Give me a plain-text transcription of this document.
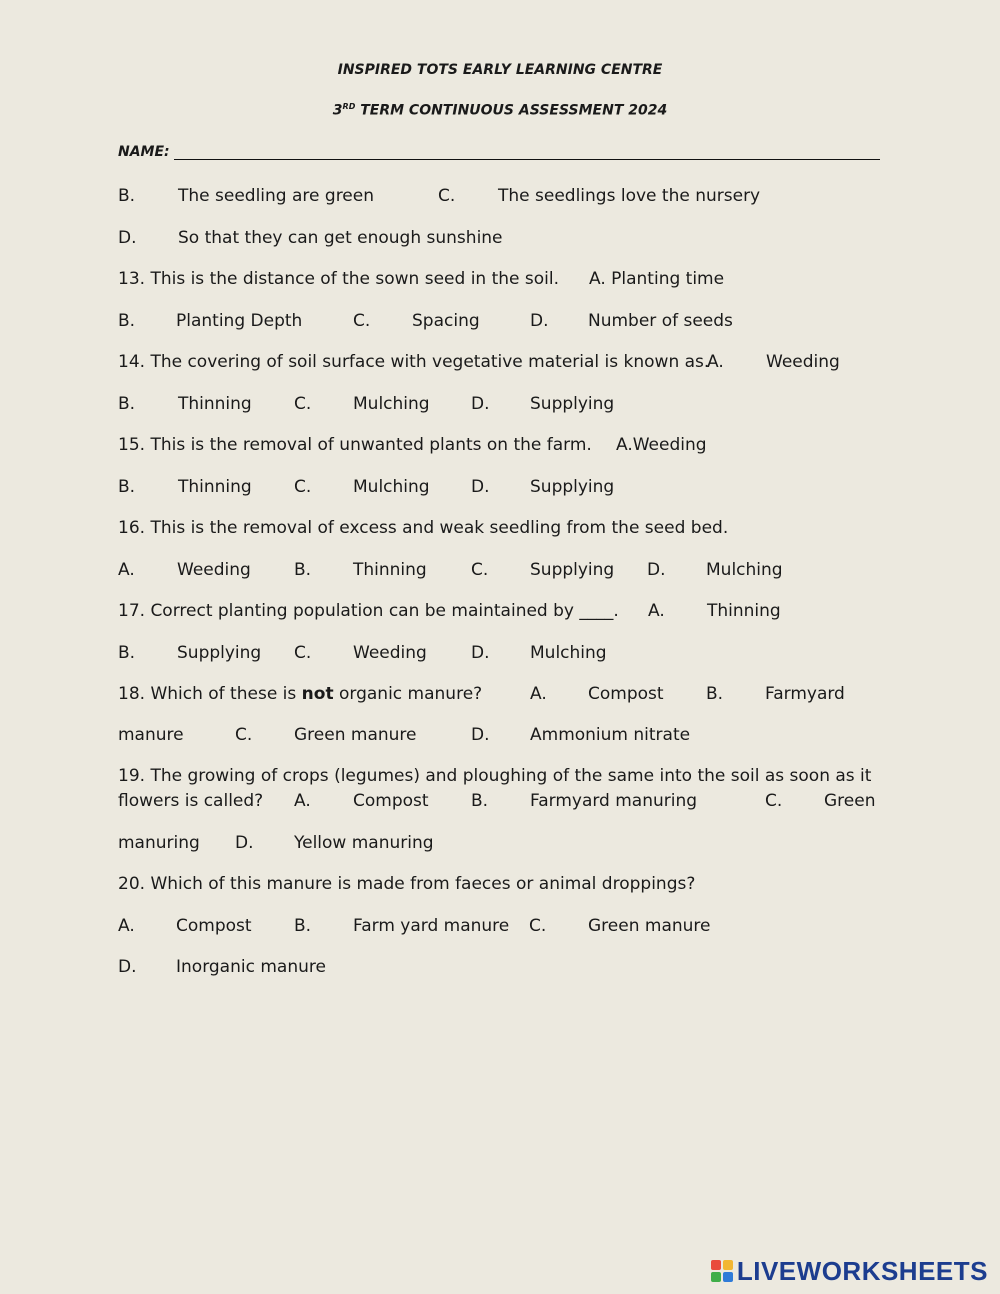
INSPIRED TOTS EARLY LEARNING CENTRE
3RD TERM CONTINUOUS ASSESSMENT 2024
NAME:
B.	The seedling are green	C.	The seedlings love the nursery
D. So that they can get enough sunshine
13. This is the distance of the sown seed in the soil. A. Planting time
B. Planting Depth	C. Spacing	D. Number of seeds
14. The covering of soil surface with vegetative material is known as.
A. Weeding
B.	Thinning C. Mulching D. Supplying
15. This is the removal of unwanted plants on the farm. A.Weeding
B.	Thinning C. Mulching D. Supplying
16. This is the removal of excess and weak seedling from the seed bed.
A. Weeding	B. Thinning	C. Supplying D. Mulching
17. Correct planting population can be maintained by ____. A. Thinning
B. Supplying C. Weeding	D. Mulching
18. Which of these is not organic manure?	A. Compost B. Farmyard
manure	C. Green manure	D. Ammonium nitrate
19. The growing of crops (legumes) and ploughing of the same into the soil as soon as it
flowers is called? A. Compost B. Farmyard manuring	C. Green
manuring D. Yellow manuring
20. Which of this manure is made from faeces or animal droppings?
A. Compost B. Farm yard manure C. Green manure
D. Inorganic manure
LIVEWORKSHEETS
